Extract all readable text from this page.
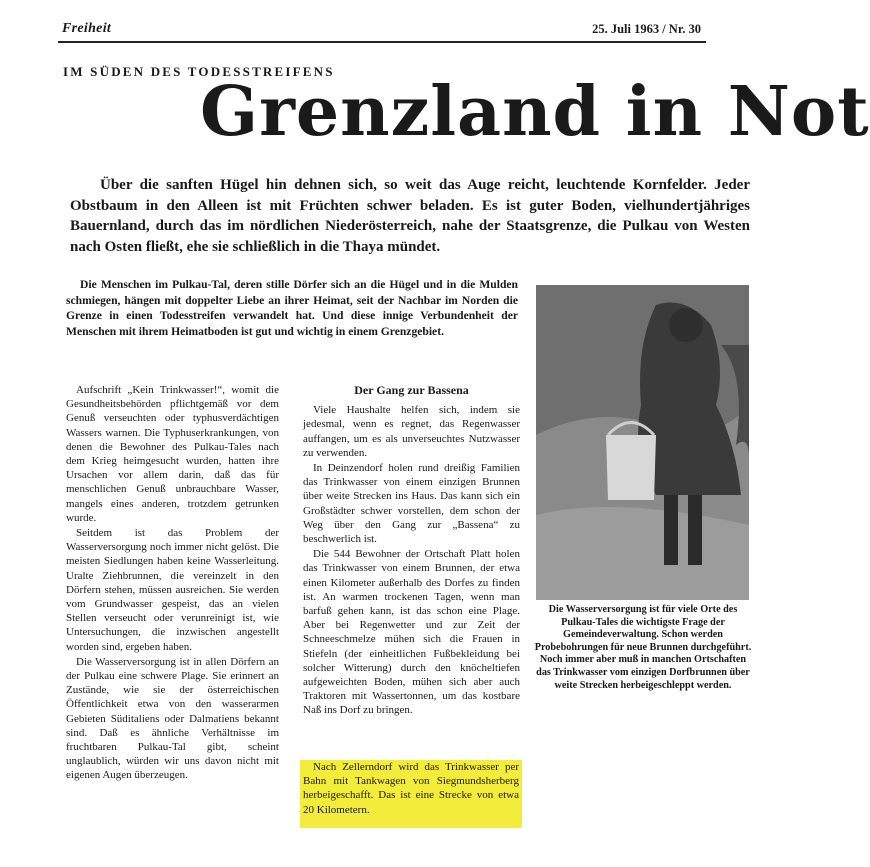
Freiheit	25. Juli 1963 / Nr. 30
IM SÜDEN DES TODESSTREIFENS
Grenzland in Not

Über die sanften Hügel hin dehnen sich, so weit das Auge reicht, leuchtende Kornfelder. Jeder Obstbaum in den Alleen ist mit Früchten schwer beladen. Es ist guter Boden, vielhundertjähriges Bauernland, durch das im nördlichen Niederösterreich, nahe der Staatsgrenze, die Pulkau von Westen nach Osten fließt, ehe sie schließlich in die Thaya mündet.

Die Menschen im Pulkau-Tal, deren stille Dörfer sich an die Hügel und in die Mulden schmiegen, hängen mit doppelter Liebe an ihrer Heimat, seit der Nachbar im Norden die Grenze in einen Todesstreifen verwandelt hat. Und diese innige Verbundenheit der Menschen mit ihrem Heimatboden ist gut und wichtig in einem Grenzgebiet.

Aufschrift „Kein Trinkwasser!“, womit die Gesundheitsbehörden pflichtgemäß vor dem Genuß verseuchten oder typhusverdächtigen Wassers warnen. Die Typhuserkrankungen, von denen die Bewohner des Pulkau-Tales nach dem Krieg heimgesucht wurden, hatten ihre Ursachen vor allem darin, daß das für menschlichen Genuß unbrauchbare Wasser, mangels eines anderen, trotzdem getrunken wurde.

Seitdem ist das Problem der Wasserversorgung noch immer nicht gelöst. Die meisten Siedlungen haben keine Wasserleitung. Uralte Ziehbrunnen, die vereinzelt in den Dörfern stehen, müssen ausreichen. Sie werden vom Grundwasser gespeist, das an vielen Stellen verseucht oder verunreinigt ist, wie Untersuchungen, die inzwischen angestellt worden sind, ergeben haben.

Die Wasserversorgung ist in allen Dörfern an der Pulkau eine schwere Plage. Sie erinnert an Zustände, wie sie der österreichischen Öffentlichkeit etwa von den wasserarmen Gebieten Süditaliens oder Dalmatiens bekannt sind. Daß es ähnliche Verhältnisse im fruchtbaren Pulkau-Tal gibt, scheint unglaublich, würden wir uns davon nicht mit eigenen Augen überzeugen.

Der Gang zur Bassena

Viele Haushalte helfen sich, indem sie jedesmal, wenn es regnet, das Regenwasser auffangen, um es als unverseuchtes Nutzwasser zu verwenden.

In Deinzendorf holen rund dreißig Familien das Trinkwasser von einem einzigen Brunnen über weite Strecken ins Haus. Das kann sich ein Großstädter schwer vorstellen, dem schon der Weg über den Gang zur „Bassena“ zu beschwerlich ist.

Die 544 Bewohner der Ortschaft Platt holen das Trinkwasser von einem Brunnen, der etwa einen Kilometer außerhalb des Dorfes zu finden ist. An warmen trockenen Tagen, wenn man barfuß gehen kann, ist das schon eine Plage. Aber bei Regenwetter und zur Zeit der Schneeschmelze mühen sich die Frauen in Stiefeln (der einheitlichen Fußbekleidung bei solcher Witterung) durch den knöcheltiefen aufgeweichten Boden, mühen sich aber auch Traktoren mit Wassertonnen, um das kostbare Naß ins Dorf zu bringen.

Nach Zellerndorf wird das Trinkwasser per Bahn mit Tankwagen von Siegmundsherberg herbeigeschafft. Das ist eine Strecke von etwa 20 Kilometern.

Die Wasserversorgung ist für viele Orte des Pulkau-Tales die wichtigste Frage der Gemeindeverwaltung. Schon werden Probebohrungen für neue Brunnen durchgeführt. Noch immer aber muß in manchen Ortschaften das Trinkwasser vom einzigen Dorfbrunnen über weite Strecken herbeigeschleppt werden.
